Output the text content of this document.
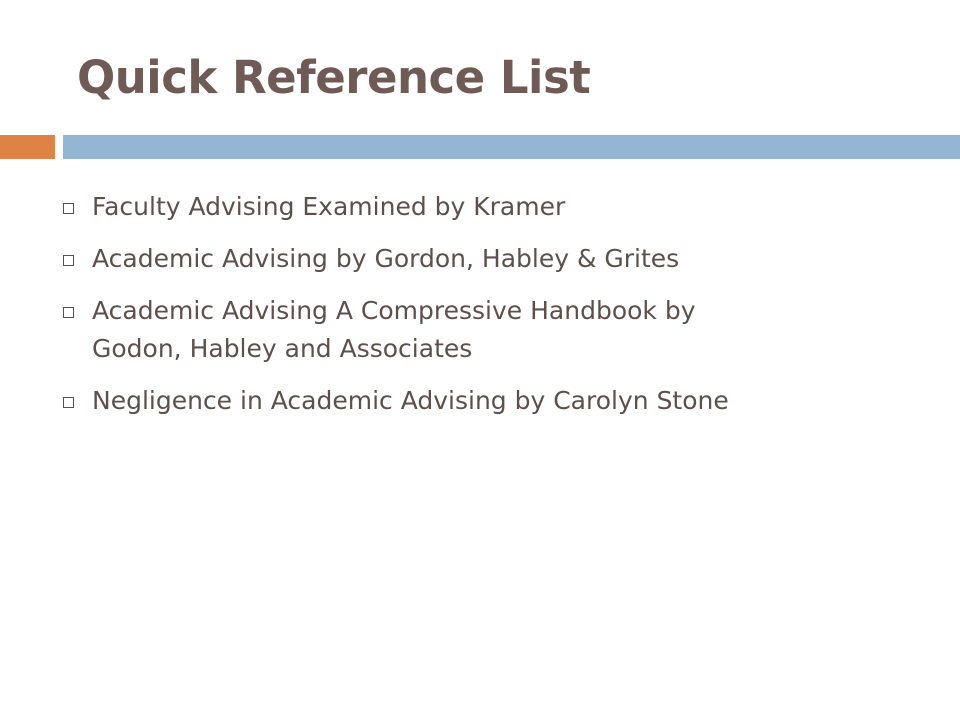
Quick Reference List
Faculty Advising Examined by Kramer
Academic Advising by Gordon, Habley & Grites
Academic Advising A Compressive Handbook by
Godon, Habley and Associates
Negligence in Academic Advising by Carolyn Stone
